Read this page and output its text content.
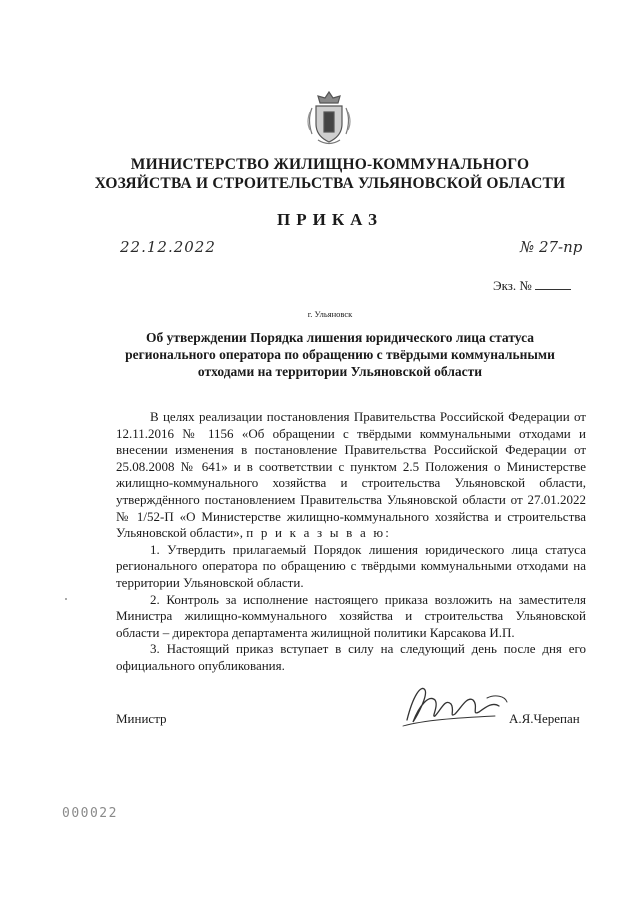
МИНИСТЕРСТВО ЖИЛИЩНО-КОММУНАЛЬНОГО
ХОЗЯЙСТВА И СТРОИТЕЛЬСТВА УЛЬЯНОВСКОЙ ОБЛАСТИ
ПРИКАЗ
22.12.2022	№ 27-пр
Экз. №
г. Ульяновск
Об утверждении Порядка лишения юридического лица статуса
регионального оператора по обращению с твёрдыми коммунальными
отходами на территории Ульяновской области

В целях реализации постановления Правительства Российской Федерации от 12.11.2016 № 1156 «Об обращении с твёрдыми коммунальными отходами и внесении изменения в постановление Правительства Российской Федерации от 25.08.2008 № 641» и в соответствии с пунктом 2.5 Положения о Министерстве жилищно-коммунального хозяйства и строительства Ульяновской области, утверждённого постановлением Правительства Ульяновской области от 27.01.2022 № 1/52-П «О Министерстве жилищно-коммунального хозяйства и строительства Ульяновской области», п р и к а з ы в а ю:

1. Утвердить прилагаемый Порядок лишения юридического лица статуса регионального оператора по обращению с твёрдыми коммунальными отходами на территории Ульяновской области.

2. Контроль за исполнение настоящего приказа возложить на заместителя Министра жилищно-коммунального хозяйства и строительства Ульяновской области – директора департамента жилищной политики Карсакова И.П.

3. Настоящий приказ вступает в силу на следующий день после дня его официального опубликования.

Министр	А.Я.Черепан
000022
